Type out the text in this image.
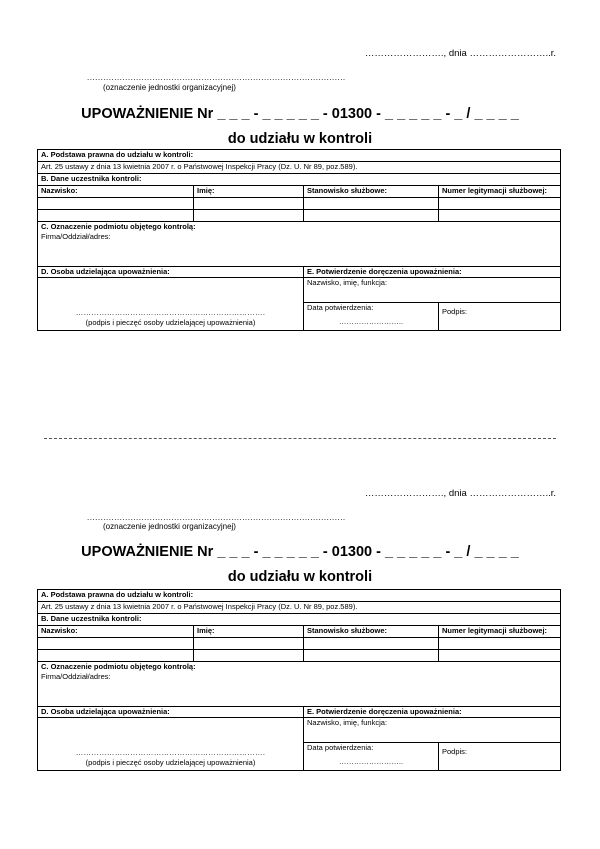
……………………., dnia ……………………..r.
...............................................................................................
(oznaczenie jednostki organizacyjnej)
UPOWAŻNIENIE Nr _ _ _ - _ _ _ _ _ - 01300 - _ _ _ _ _ - _ / _ _ _ _
do udziału w kontroli
A. Podstawa prawna do udziału w kontroli:			
Art. 25 ustawy z dnia 13 kwietnia 2007 r. o Państwowej Inspekcji Pracy (Dz. U. Nr 89, poz.589).			
B. Dane uczestnika kontroli:			
Nazwisko:	Imię:	Stanowisko służbowe:	Numer legitymacji służbowej:

C. Oznaczenie podmiotu objętego kontrolą:
Firma/Oddział/adres:			

D. Osoba udzielająca upoważnienia:		E. Potwierdzenie doręczenia upoważnienia:	

……………………………………………………………….
(podpis i pieczęć osoby udzielającej upoważnienia)		Nazwisko, imię, funkcja:	

		Data potwierdzenia:
……………………..	Podpis:
……………………., dnia ……………………..r.
...............................................................................................
(oznaczenie jednostki organizacyjnej)
UPOWAŻNIENIE Nr _ _ _ - _ _ _ _ _ - 01300 - _ _ _ _ _ - _ / _ _ _ _
do udziału w kontroli
A. Podstawa prawna do udziału w kontroli:			
Art. 25 ustawy z dnia 13 kwietnia 2007 r. o Państwowej Inspekcji Pracy (Dz. U. Nr 89, poz.589).			
B. Dane uczestnika kontroli:			
Nazwisko:	Imię:	Stanowisko służbowe:	Numer legitymacji służbowej:

C. Oznaczenie podmiotu objętego kontrolą:
Firma/Oddział/adres:			

D. Osoba udzielająca upoważnienia:		E. Potwierdzenie doręczenia upoważnienia:	

……………………………………………………………….
(podpis i pieczęć osoby udzielającej upoważnienia)		Nazwisko, imię, funkcja:	

		Data potwierdzenia:
……………………..	Podpis:
